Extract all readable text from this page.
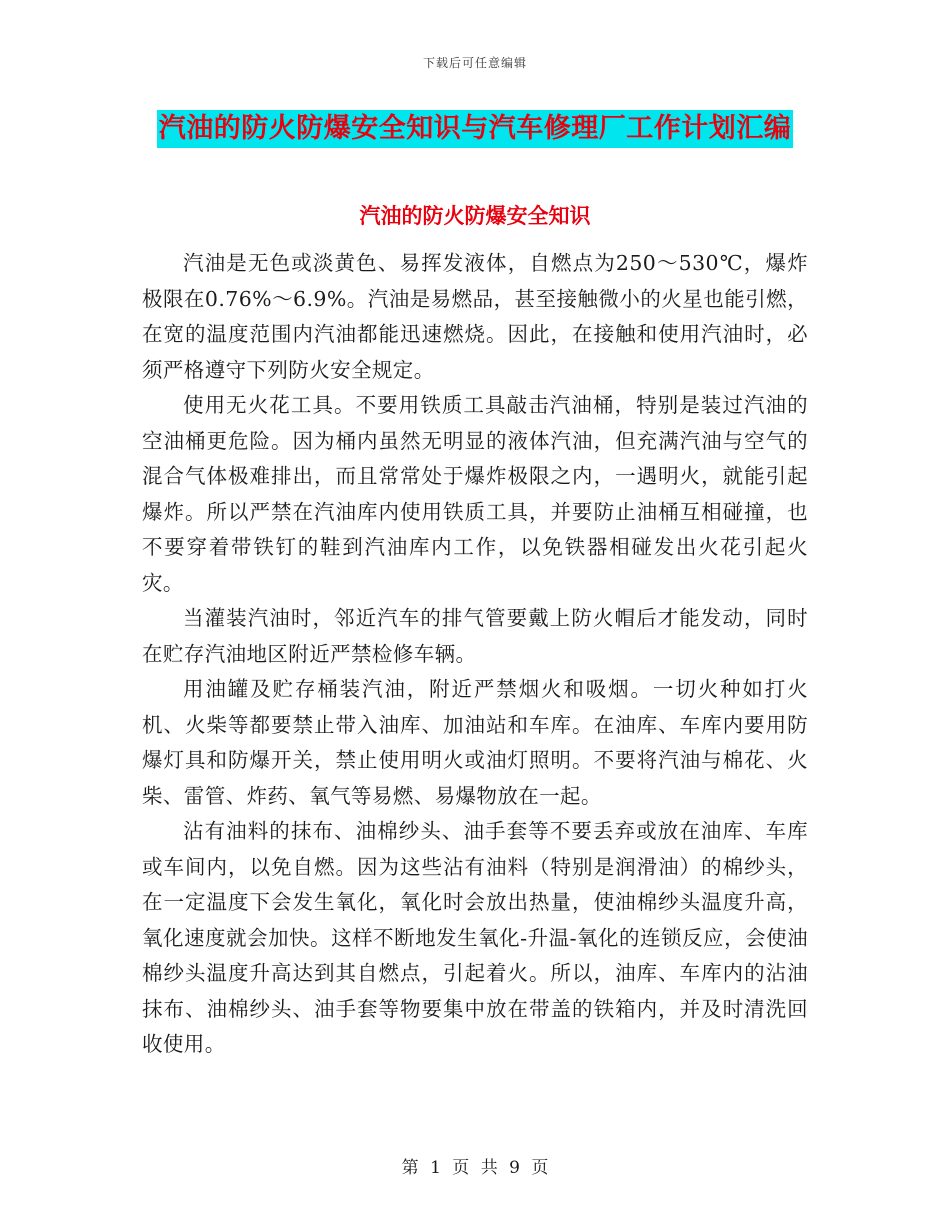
下载后可任意编辑
汽油的防火防爆安全知识与汽车修理厂工作计划汇编
汽油的防火防爆安全知识

汽油是无色或淡黄色、易挥发液体，自燃点为250～530℃，爆炸极限在0.76%～6.9%。汽油是易燃品，甚至接触微小的火星也能引燃，在宽的温度范围内汽油都能迅速燃烧。因此，在接触和使用汽油时，必须严格遵守下列防火安全规定。

使用无火花工具。不要用铁质工具敲击汽油桶，特别是装过汽油的空油桶更危险。因为桶内虽然无明显的液体汽油，但充满汽油与空气的混合气体极难排出，而且常常处于爆炸极限之内，一遇明火，就能引起爆炸。所以严禁在汽油库内使用铁质工具，并要防止油桶互相碰撞，也不要穿着带铁钉的鞋到汽油库内工作，以免铁器相碰发出火花引起火灾。

当灌装汽油时，邻近汽车的排气管要戴上防火帽后才能发动，同时在贮存汽油地区附近严禁检修车辆。

用油罐及贮存桶装汽油，附近严禁烟火和吸烟。一切火种如打火机、火柴等都要禁止带入油库、加油站和车库。在油库、车库内要用防爆灯具和防爆开关，禁止使用明火或油灯照明。不要将汽油与棉花、火柴、雷管、炸药、氧气等易燃、易爆物放在一起。

沾有油料的抹布、油棉纱头、油手套等不要丢弃或放在油库、车库或车间内，以免自燃。因为这些沾有油料（特别是润滑油）的棉纱头，在一定温度下会发生氧化，氧化时会放出热量，使油棉纱头温度升高，氧化速度就会加快。这样不断地发生氧化-升温-氧化的连锁反应，会使油棉纱头温度升高达到其自燃点，引起着火。所以，油库、车库内的沾油抹布、油棉纱头、油手套等物要集中放在带盖的铁箱内，并及时清洗回收使用。

第 1 页 共 9 页
